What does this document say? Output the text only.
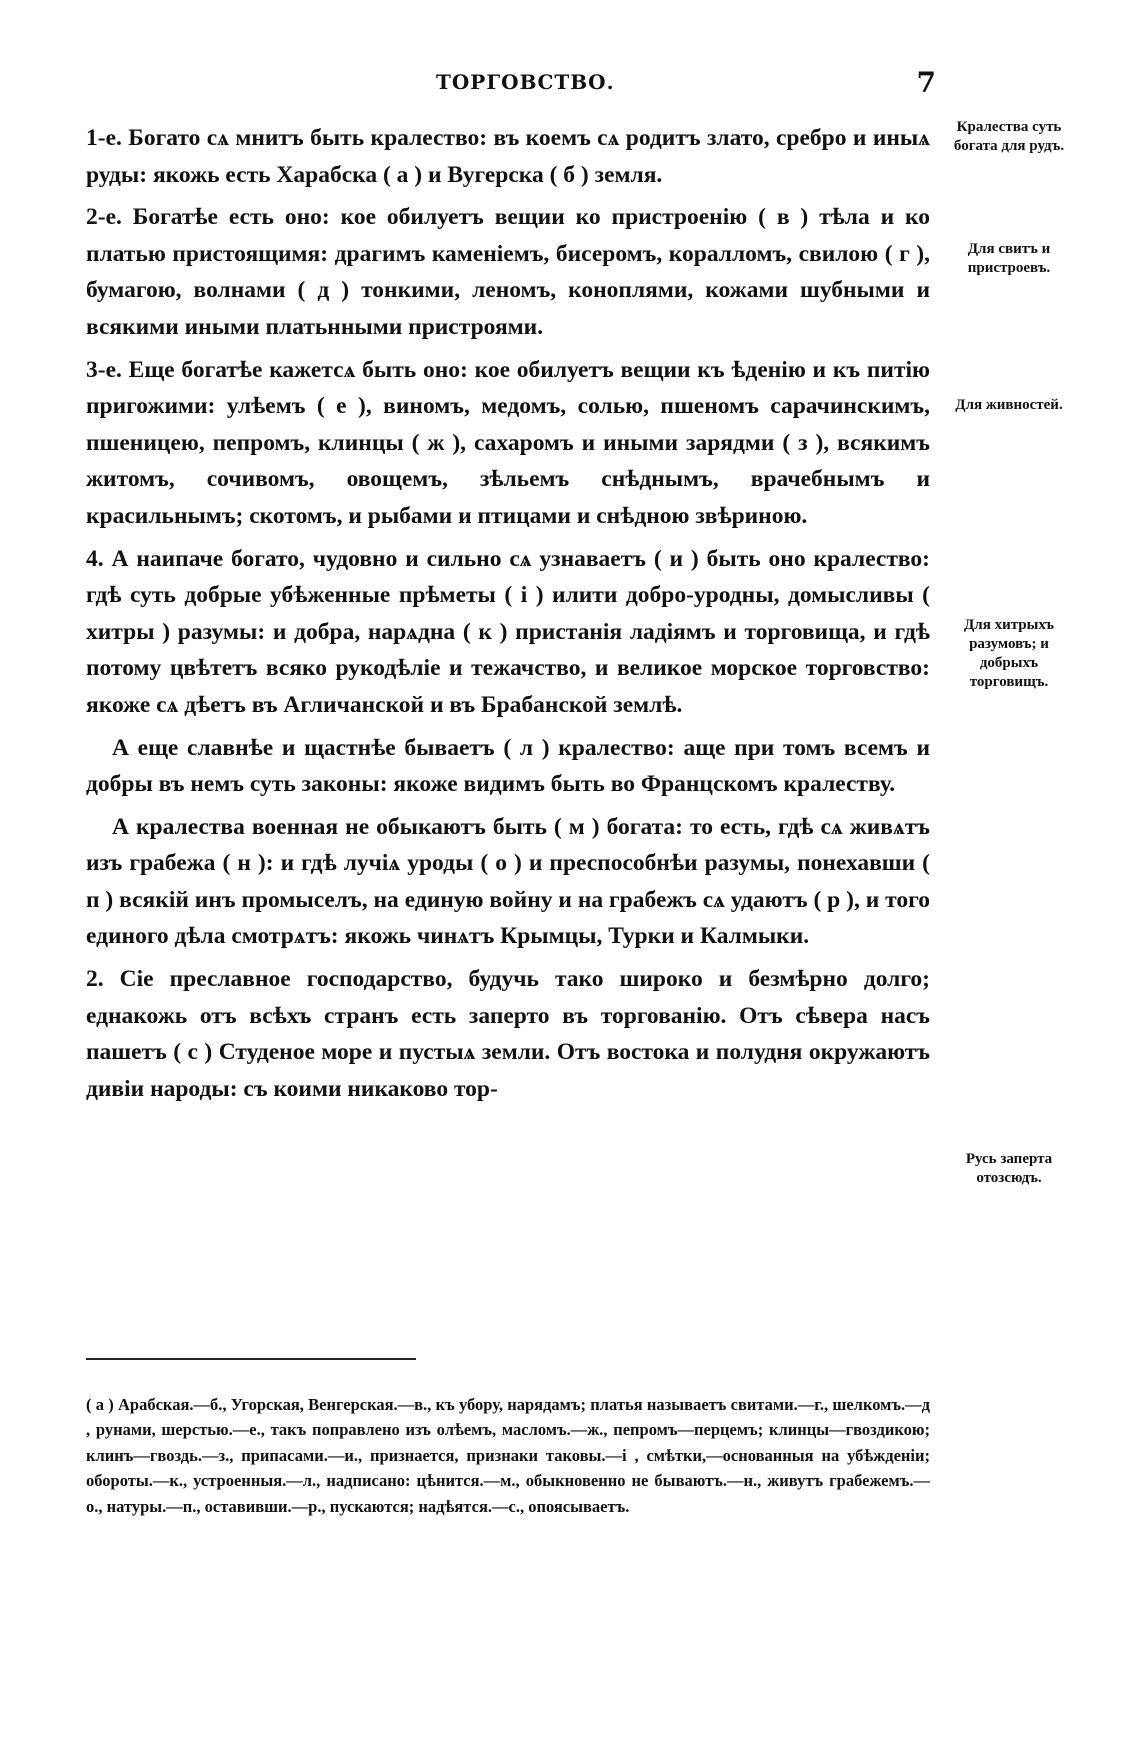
ТОРГОВСТВО.	7

1-е. Богато сѧ мнитъ быть кралество: въ коемъ сѧ родитъ злато, сребро и иныѧ руды: якожь есть Харабска ( а ) и Вугерска ( б ) земля.

2-е. Богатѣе есть оно: кое обилуетъ вещии ко пристроенію ( в ) тѣла и ко платью пристоящимя: драгимъ каменіемъ, бисеромъ, коралломъ, свилою ( г ), бумагою, волнами ( д ) тонкими, леномъ, коноплями, кожами шубными и всякими иными платьнными пристроями.

3-е. Еще богатѣе кажетсѧ быть оно: кое обилуетъ вещии къ ѣденію и къ питію пригожими: улѣемъ ( е ), виномъ, медомъ, солью, пшеномъ сарачинскимъ, пшеницею, пепромъ, клинцы ( ж ), сахаромъ и иными зарядми ( з ), всякимъ житомъ, сочивомъ, овощемъ, зѣльемъ снѣднымъ, врачебнымъ и красильнымъ; скотомъ, и рыбами и птицами и снѣдною звѣриною.

4. А наипаче богато, чудовно и сильно сѧ узнаваетъ ( и ) быть оно кралество: гдѣ суть добрые убѣженные прѣметы ( і ) илити добро-уродны, домысливы ( хитры ) разумы: и добра, нарѧдна ( к ) пристанія ладіямъ и торговища, и гдѣ потому цвѣтетъ всяко рукодѣліе и тежачство, и великое морское торговство: якоже сѧ дѣетъ въ Агличанской и въ Брабанской землѣ.

А еще славнѣе и щастнѣе бываетъ ( л ) кралество: аще при томъ всемъ и добры въ немъ суть законы: якоже видимъ быть во Францскомъ кралеству.

А кралества военная не обыкаютъ быть ( м ) богата: то есть, гдѣ сѧ живѧтъ изъ грабежа ( н ): и гдѣ лучіѧ уроды ( о ) и преспособнѣи разумы, понехавши ( п ) всякій инъ промыселъ, на единую войну и на грабежъ сѧ удаютъ ( р ), и того единого дѣла смотрѧтъ: якожь чинѧтъ Крымцы, Турки и Калмыки.

2. Сіе преславное господарство, будучь тако широко и безмѣрно долго; еднакожь отъ всѣхъ странъ есть заперто въ торгованію. Отъ сѣвера насъ пашетъ ( с ) Студеное море и пустыѧ земли. Отъ востока и полудня окружаютъ дивіи народы: съ коими никаково тор-

Кралества суть богата для рудъ.
Для свитъ и пристроевъ.
Для живностей.
Для хитрыхъ разумовъ; и добрыхъ торговищъ.
Русь заперта отозсюдъ.
( а ) Арабская.—б., Угорская, Венгерская.—в., къ убору, нарядамъ; платья называетъ свитами.—г., шелкомъ.—д , рунами, шерстью.—е., такъ поправлено изъ олѣемъ, масломъ.—ж., пепромъ—перцемъ; клинцы—гвоздикою; клинъ—гвоздь.—з., припасами.—и., признается, признаки таковы.—і , смѣтки,—основанныя на убѣжденіи; обороты.—к., устроенныя.—л., надписано: цѣнится.—м., обыкновенно не бываютъ.—н., живутъ грабежемъ.—о., натуры.—п., оставивши.—р., пускаются; надѣятся.—с., опоясываетъ.
